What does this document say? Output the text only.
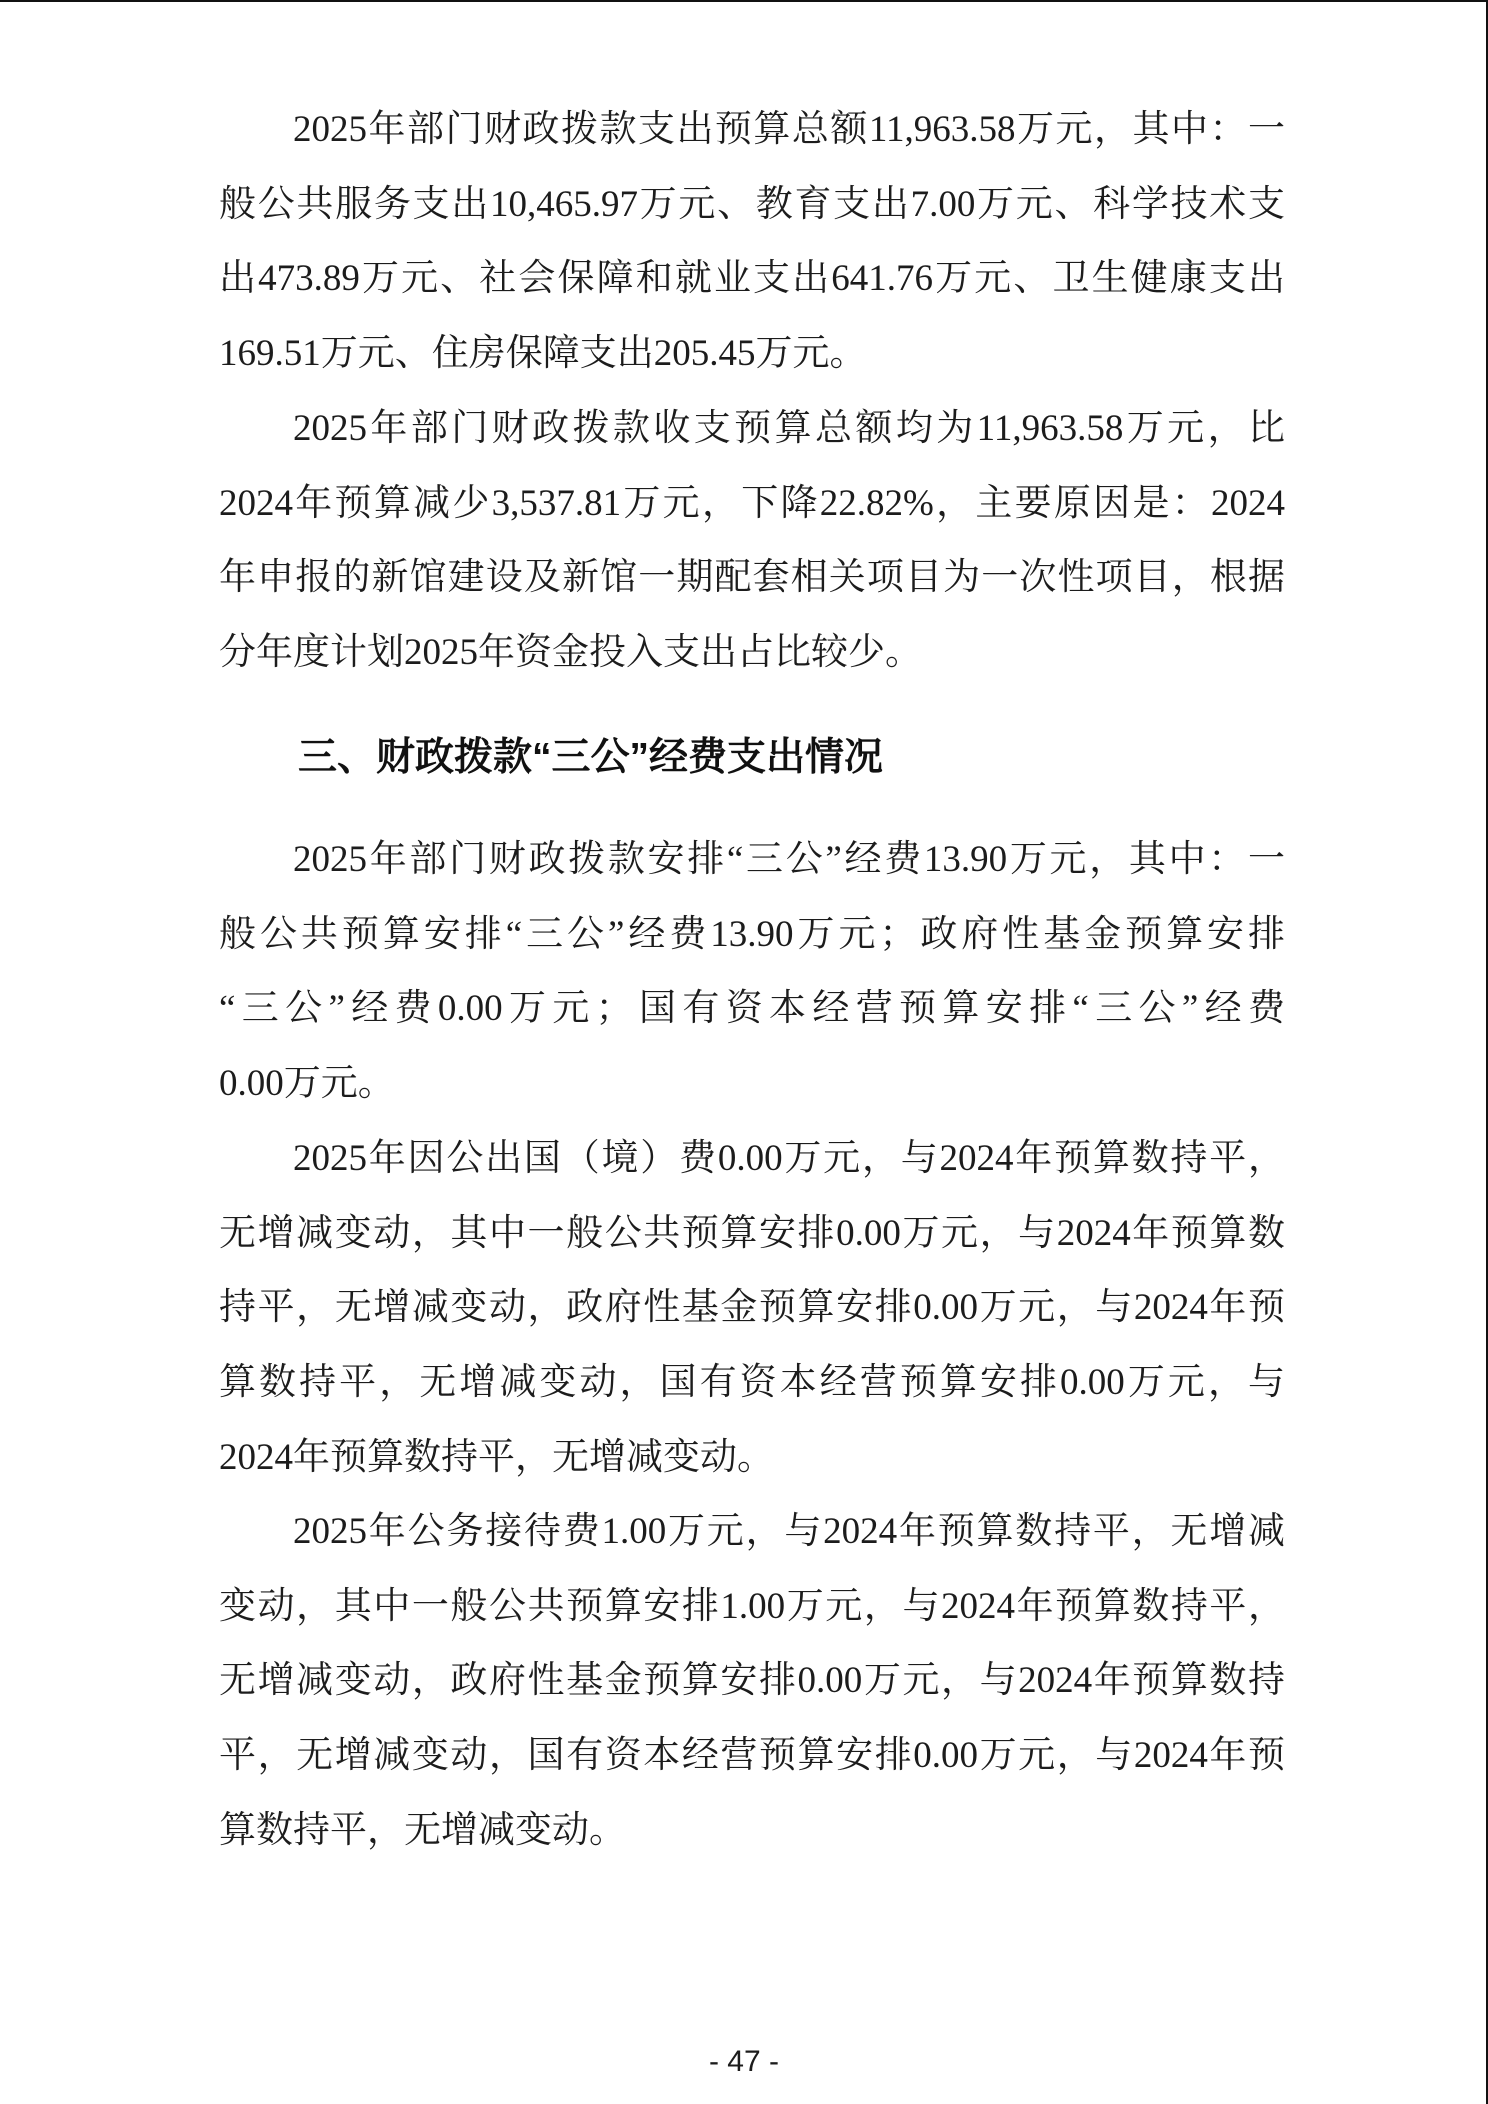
2025年部门财政拨款支出预算总额11,963.58万元，其中：一
般公共服务支出10,465.97万元、教育支出7.00万元、科学技术支
出473.89万元、社会保障和就业支出641.76万元、卫生健康支出
169.51万元、住房保障支出205.45万元。
2025年部门财政拨款收支预算总额均为11,963.58万元，比
2024年预算减少3,537.81万元，下降22.82%，主要原因是：2024
年申报的新馆建设及新馆一期配套相关项目为一次性项目，根据
分年度计划2025年资金投入支出占比较少。
三、财政拨款“三公”经费支出情况
2025年部门财政拨款安排“三公”经费13.90万元，其中：一
般公共预算安排“三公”经费13.90万元；政府性基金预算安排
“三公”经费0.00万元；国有资本经营预算安排“三公”经费
0.00万元。
2025年因公出国（境）费0.00万元，与2024年预算数持平，
无增减变动，其中一般公共预算安排0.00万元，与2024年预算数
持平，无增减变动，政府性基金预算安排0.00万元，与2024年预
算数持平，无增减变动，国有资本经营预算安排0.00万元，与
2024年预算数持平，无增减变动。
2025年公务接待费1.00万元，与2024年预算数持平，无增减
变动，其中一般公共预算安排1.00万元，与2024年预算数持平，
无增减变动，政府性基金预算安排0.00万元，与2024年预算数持
平，无增减变动，国有资本经营预算安排0.00万元，与2024年预
算数持平，无增减变动。
- 47 -
